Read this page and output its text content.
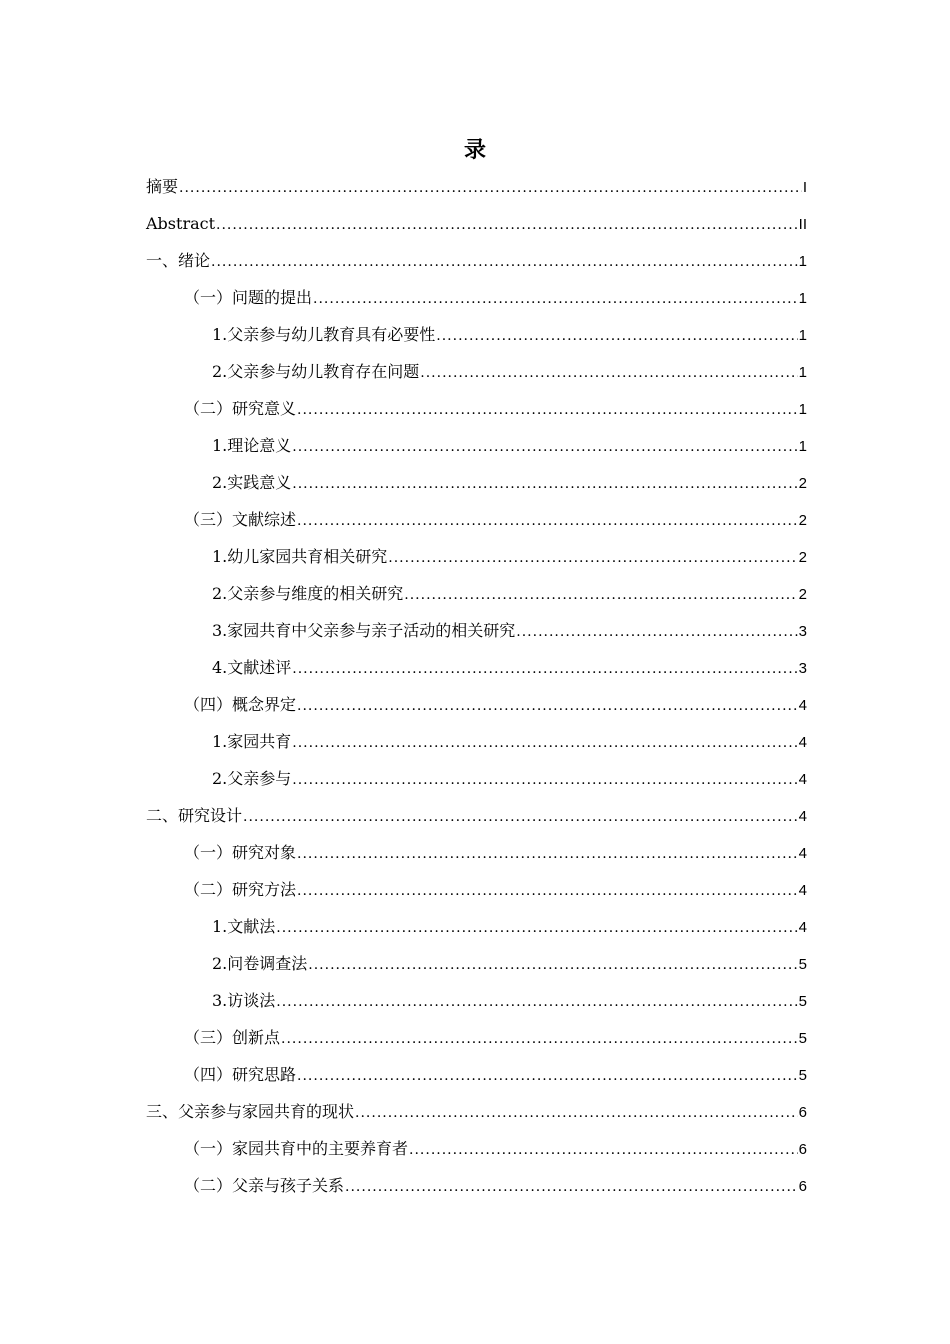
录
摘要 .....	I
Abstract .....	II
一、绪论 .....	1
（一）问题的提出 .....	1
1.父亲参与幼儿教育具有必要性 .....	1
2.父亲参与幼儿教育存在问题 .....	1
（二）研究意义 .....	1
1.理论意义 .....	1
2.实践意义 .....	2
（三）文献综述 .....	2
1.幼儿家园共育相关研究 .....	2
2.父亲参与维度的相关研究 .....	2
3.家园共育中父亲参与亲子活动的相关研究 .....	3
4.文献述评 .....	3
（四）概念界定 .....	4
1.家园共育 .....	4
2.父亲参与 .....	4
二、研究设计 .....	4
（一）研究对象 .....	4
（二）研究方法 .....	4
1.文献法 .....	4
2.问卷调查法 .....	5
3.访谈法 .....	5
（三）创新点 .....	5
（四）研究思路 .....	5
三、父亲参与家园共育的现状 .....	6
（一）家园共育中的主要养育者 .....	6
（二）父亲与孩子关系 .....	6
